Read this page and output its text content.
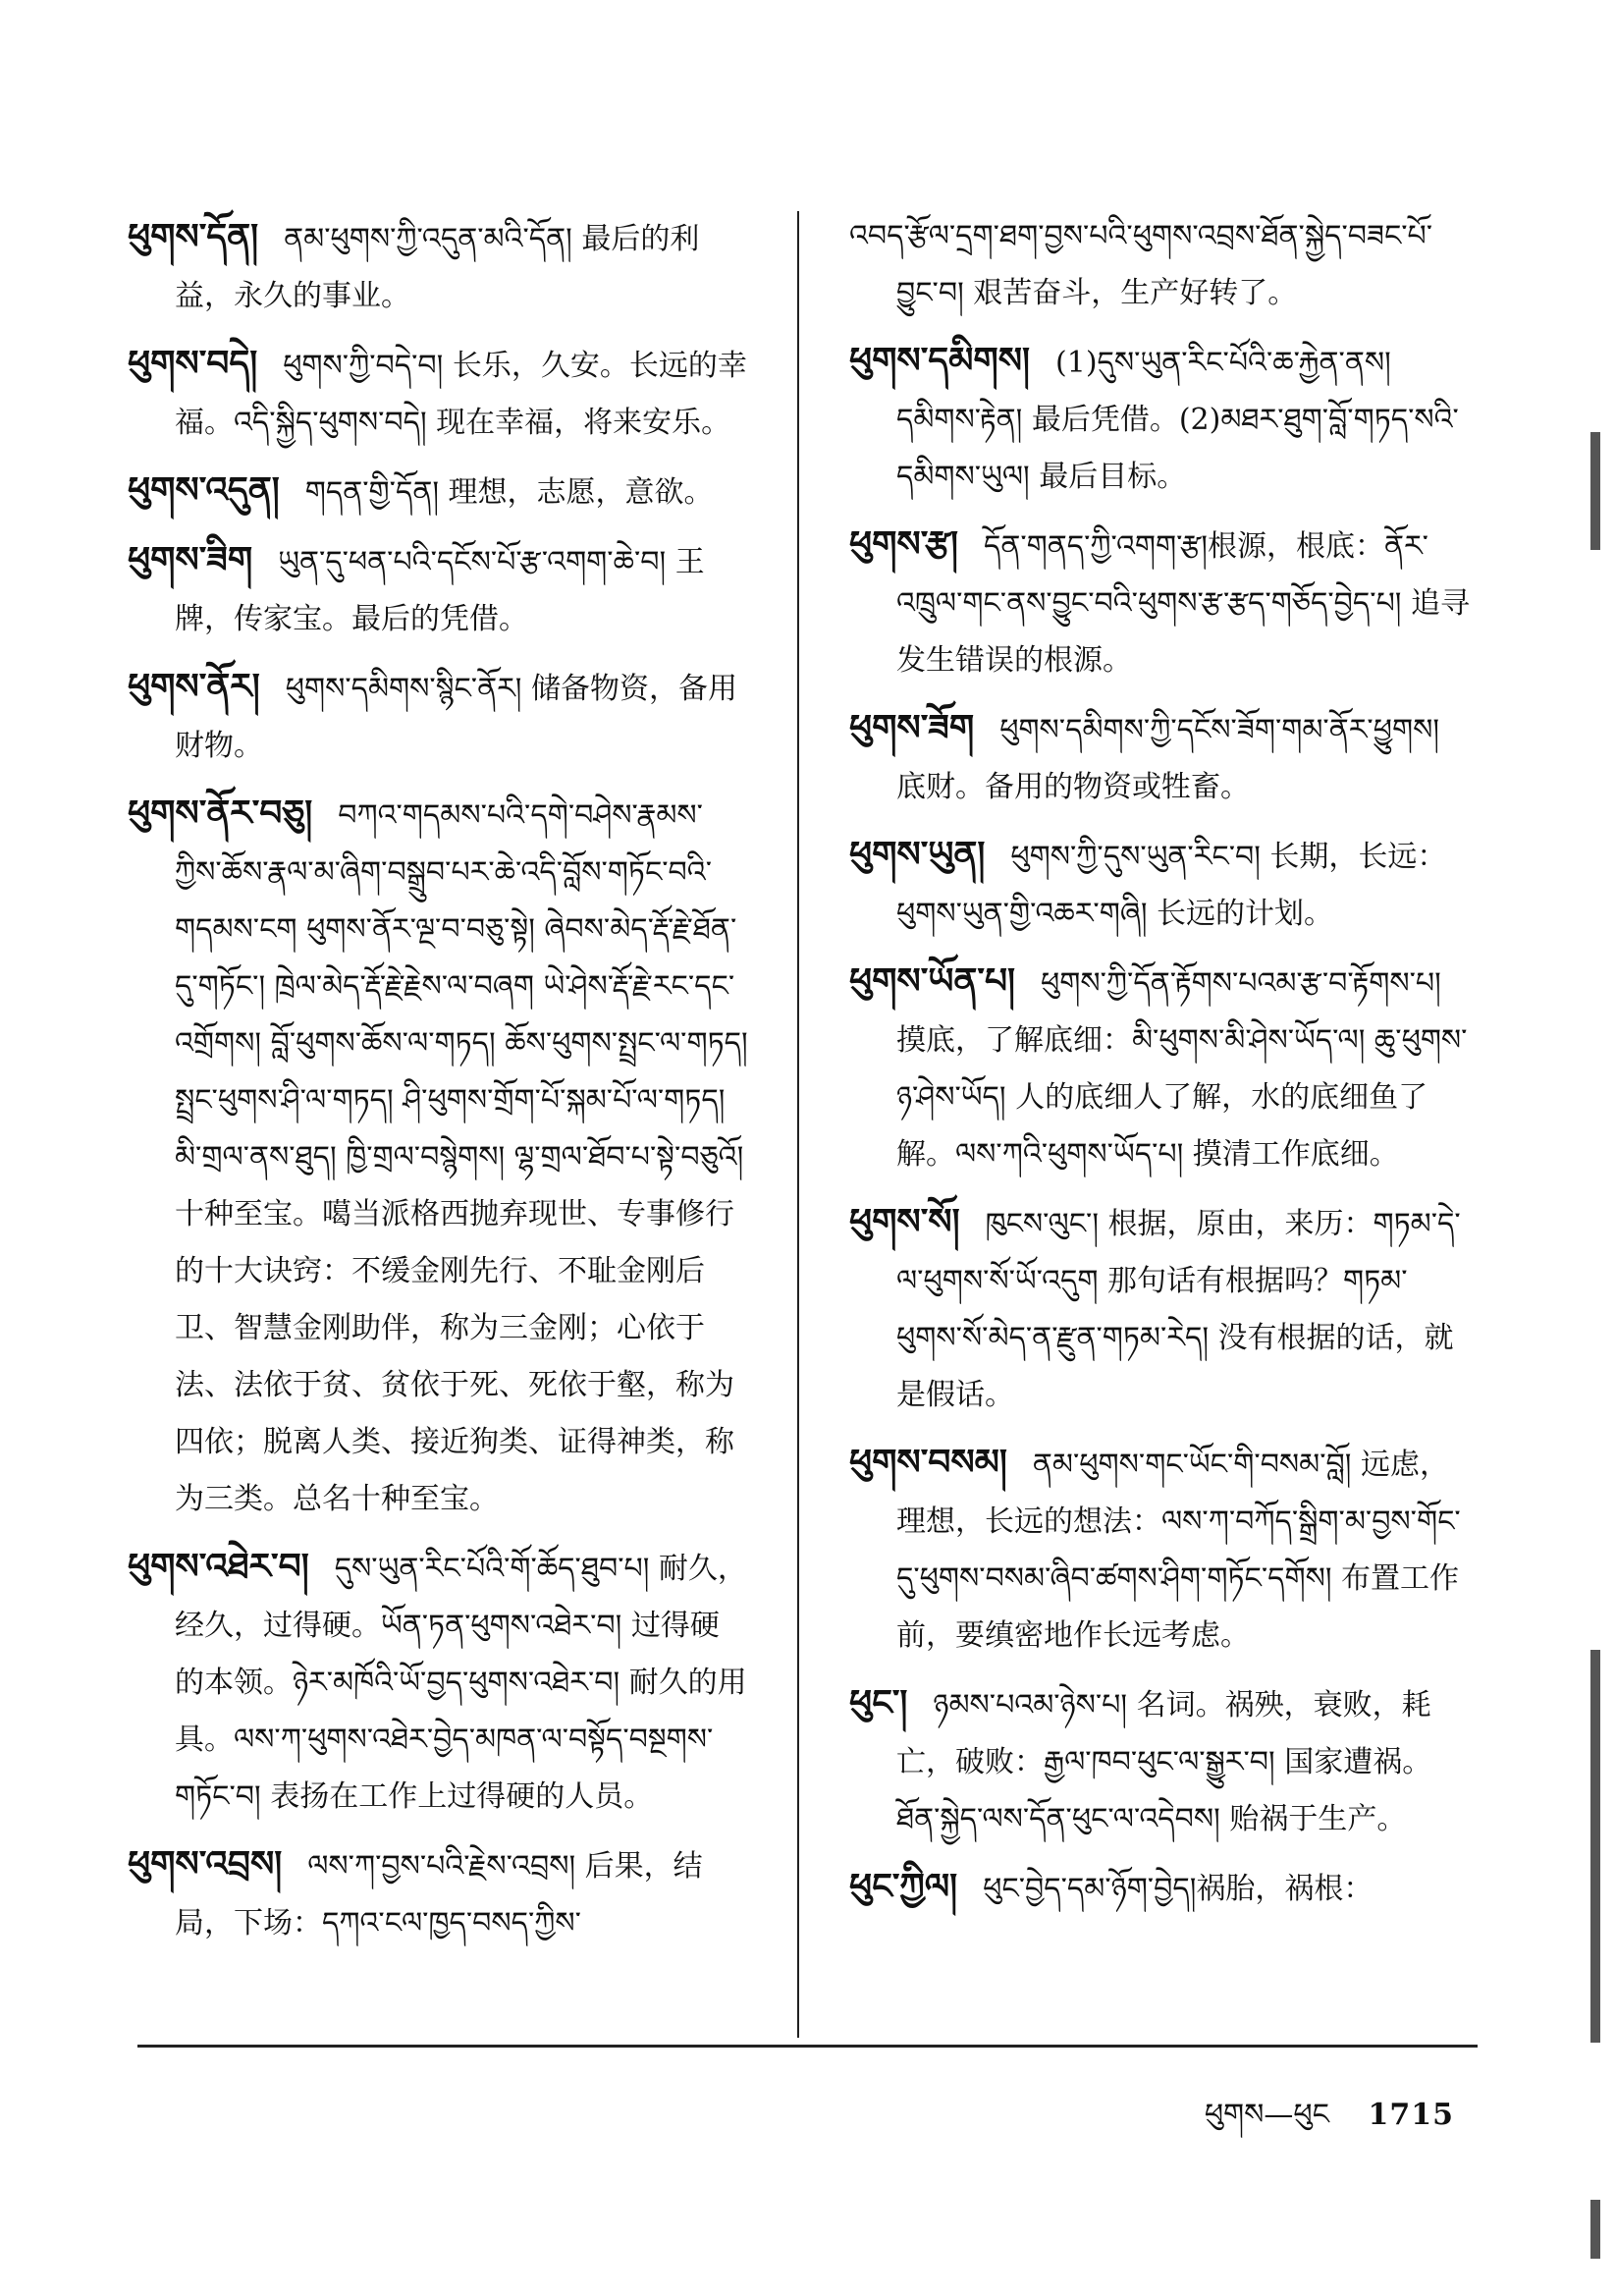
ཕུགས་དོན། ནམ་ཕུགས་ཀྱི་འདུན་མའི་དོན། 最后的利益，永久的事业。
ཕུགས་བདེ། ཕུགས་ཀྱི་བདེ་བ། 长乐，久安。长远的幸福。འདི་སྐྱིད་ཕུགས་བདེ། 现在幸福，将来安乐。
ཕུགས་འདུན། གདན་གྱི་དོན། 理想，志愿，意欲。
ཕུགས་ཟིག ཡུན་དུ་ཕན་པའི་དངོས་པོ་རྩ་འགག་ཆེ་བ། 王牌，传家宝。最后的凭借。
ཕུགས་ནོར། ཕུགས་དམིགས་སྙིང་ནོར། 储备物资，备用财物。
ཕུགས་ནོར་བཅུ། བཀའ་གདམས་པའི་དགེ་བཤེས་རྣམས་ཀྱིས་ཆོས་རྣལ་མ་ཞིག་བསྒྲུབ་པར་ཆེ་འདི་བློས་གཏོང་བའི་གདམས་ངག ཕུགས་ནོར་ལྔ་བ་བཅུ་སྟེ། ཞེབས་མེད་རྡོ་རྗེ་ཐོན་དུ་གཏོང་། ཁྲེལ་མེད་རྡོ་རྗེ་རྗེས་ལ་བཞག ཡེ་ཤེས་རྡོ་རྗེ་རང་དང་འགྲོགས། བློ་ཕུགས་ཆོས་ལ་གཏད། ཆོས་ཕུགས་སྤྲང་ལ་གཏད། སྤྲང་ཕུགས་ཤི་ལ་གཏད། ཤི་ཕུགས་གྲོག་པོ་སྐམ་པོ་ལ་གཏད། མི་གྲལ་ནས་ཐུད། ཁྱི་གྲལ་བསྙེགས། ལྷ་གྲལ་ཐོབ་པ་སྟེ་བཅུའོ། 十种至宝。噶当派格西抛弃现世、专事修行的十大诀窍：不缓金刚先行、不耻金刚后卫、智慧金刚助伴，称为三金刚；心依于法、法依于贫、贫依于死、死依于壑，称为四依；脱离人类、接近狗类、证得神类，称为三类。总名十种至宝。
ཕུགས་འཐེར་བ། དུས་ཡུན་རིང་པོའི་གོ་ཆོད་ཐུབ་པ། 耐久，经久，过得硬。ཡོན་ཏན་ཕུགས་འཐེར་བ། 过得硬的本领。ཉེར་མཁོའི་ཡོ་བྱད་ཕུགས་འཐེར་བ། 耐久的用具。ལས་ཀ་ཕུགས་འཐེར་བྱེད་མཁན་ལ་བསྟོད་བསྔགས་གཏོང་བ། 表扬在工作上过得硬的人员。
ཕུགས་འབྲས། ལས་ཀ་བྱས་པའི་རྗེས་འབྲས། 后果，结局，下场：དཀའ་ངལ་ཁྱད་བསད་ཀྱིས་
འབད་རྩོལ་དྲག་ཐག་བྱས་པའི་ཕུགས་འབྲས་ཐོན་སྐྱེད་བཟང་པོ་བྱུང་བ། 艰苦奋斗，生产好转了。
ཕུགས་དམིགས། (1)དུས་ཡུན་རིང་པོའི་ཆ་རྐྱེན་ནས། དམིགས་རྟེན། 最后凭借。(2)མཐར་ཐུག་བློ་གཏད་སའི་དམིགས་ཡུལ། 最后目标。
ཕུགས་རྩ། དོན་གནད་ཀྱི་འགག་རྩ།根源，根底：ནོར་འཁྲུལ་གང་ནས་བྱུང་བའི་ཕུགས་རྩ་རྩད་གཅོད་བྱེད་པ། 追寻发生错误的根源。
ཕུགས་ཟོག ཕུགས་དམིགས་ཀྱི་དངོས་ཟོག་གམ་ནོར་ཕྱུགས། 底财。备用的物资或牲畜。
ཕུགས་ཡུན། ཕུགས་ཀྱི་དུས་ཡུན་རིང་བ། 长期，长远：ཕུགས་ཡུན་གྱི་འཆར་གཞི། 长远的计划。
ཕུགས་ཡོན་པ། ཕུགས་ཀྱི་དོན་རྟོགས་པའམ་རྩ་བ་རྟོགས་པ། 摸底，了解底细：མི་ཕུགས་མི་ཤེས་ཡོད་ལ། ཆུ་ཕུགས་ཉ་ཤེས་ཡོད། 人的底细人了解，水的底细鱼了解。ལས་ཀའི་ཕུགས་ཡོད་པ། 摸清工作底细。
ཕུགས་སོ། ཁུངས་ལུང་། 根据，原由，来历：གཏམ་དེ་ལ་ཕུགས་སོ་ཡོ་འདུག 那句话有根据吗？གཏམ་ཕུགས་སོ་མེད་ན་རྫུན་གཏམ་རེད། 没有根据的话，就是假话。
ཕུགས་བསམ། ནམ་ཕུགས་གང་ཡོང་གི་བསམ་བློ། 远虑，理想，长远的想法：ལས་ཀ་བཀོད་སྒྲིག་མ་བྱས་གོང་དུ་ཕུགས་བསམ་ཞིབ་ཚགས་ཤིག་གཏོང་དགོས། 布置工作前，要缜密地作长远考虑。
ཕུང་། ཉམས་པའམ་ཉེས་པ། 名词。祸殃，衰败，耗亡，破败：རྒྱལ་ཁབ་ཕུང་ལ་སྒྱུར་བ། 国家遭祸。ཐོན་སྐྱེད་ལས་དོན་ཕུང་ལ་འདེབས། 贻祸于生产。
ཕུང་ཀྱིལ། ཕུང་བྱེད་དམ་ཉོག་བྱེད།祸胎，祸根：
ཕུགས—ཕུང 1715
